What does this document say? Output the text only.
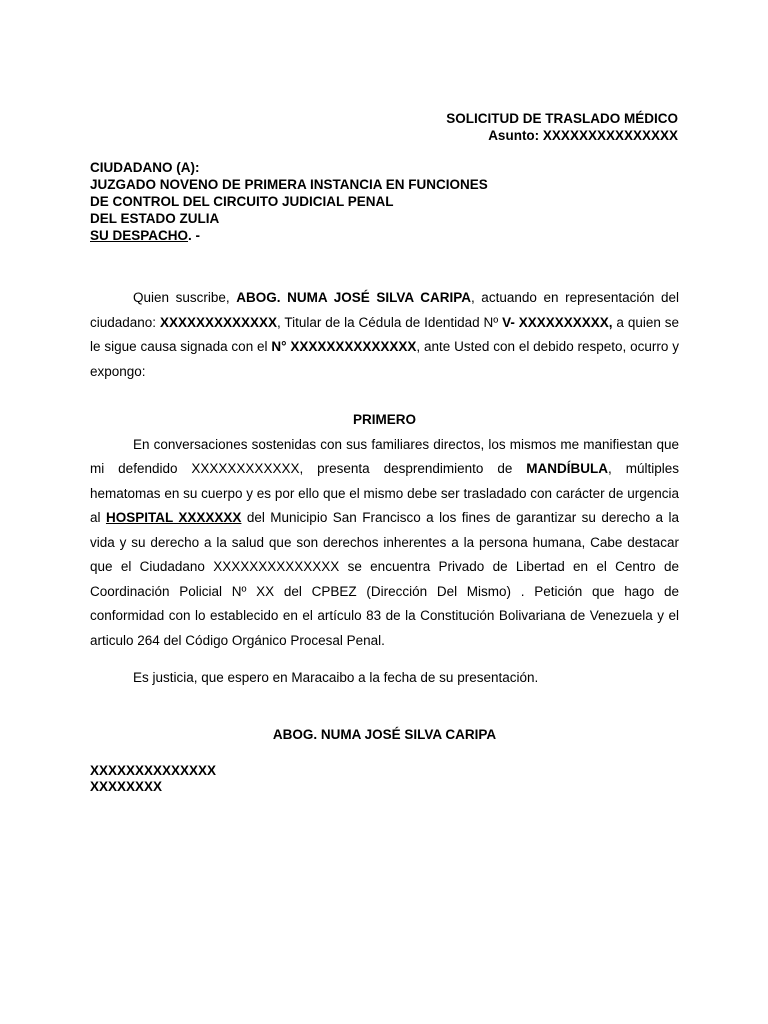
SOLICITUD DE TRASLADO MÉDICO
Asunto: XXXXXXXXXXXXXXX
CIUDADANO (A):
JUZGADO NOVENO DE PRIMERA INSTANCIA EN FUNCIONES
DE CONTROL DEL CIRCUITO JUDICIAL PENAL
DEL ESTADO ZULIA
SU DESPACHO. -

Quien suscribe, ABOG. NUMA JOSÉ SILVA CARIPA, actuando en representación del ciudadano: XXXXXXXXXXXXX, Titular de la Cédula de Identidad Nº V- XXXXXXXXXX, a quien se le sigue causa signada con el N° XXXXXXXXXXXXXX, ante Usted con el debido respeto, ocurro y expongo:

PRIMERO

En conversaciones sostenidas con sus familiares directos, los mismos me manifiestan que mi defendido XXXXXXXXXXXX, presenta desprendimiento de MANDÍBULA, múltiples hematomas en su cuerpo y es por ello que el mismo debe ser trasladado con carácter de urgencia al HOSPITAL XXXXXXX del Municipio San Francisco a los fines de garantizar su derecho a la vida y su derecho a la salud que son derechos inherentes a la persona humana, Cabe destacar que el Ciudadano XXXXXXXXXXXXXX se encuentra Privado de Libertad en el Centro de Coordinación Policial Nº XX del CPBEZ (Dirección Del Mismo) . Petición que hago de conformidad con lo establecido en el artículo 83 de la Constitución Bolivariana de Venezuela y el articulo 264 del Código Orgánico Procesal Penal.

Es justicia, que espero en Maracaibo a la fecha de su presentación.

ABOG. NUMA JOSÉ SILVA CARIPA
XXXXXXXXXXXXXX
XXXXXXXX
